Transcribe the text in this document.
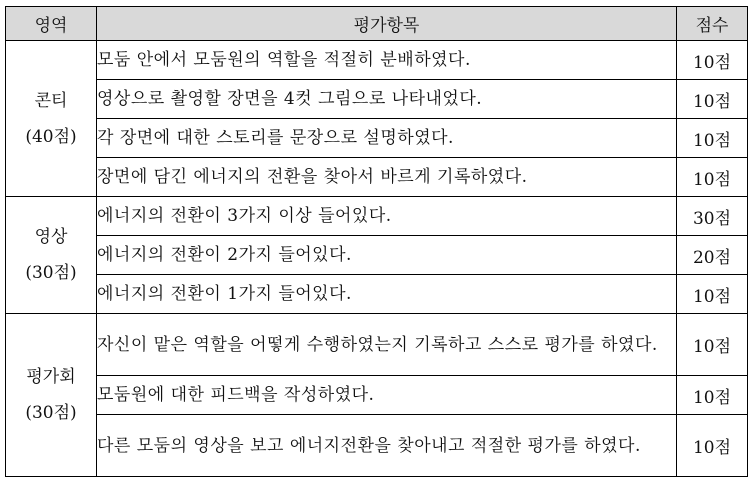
영역	평가항목	점수

콘티
(40점)	모둠 안에서 모둠원의 역할을 적절히 분배하였다.	10점
	영상으로 촬영할 장면을 4컷 그림으로 나타내었다.	10점
	각 장면에 대한 스토리를 문장으로 설명하였다.	10점
	장면에 담긴 에너지의 전환을 찾아서 바르게 기록하였다.	10점

영상
(30점)	에너지의 전환이 3가지 이상 들어있다.	30점
	에너지의 전환이 2가지 들어있다.	20점
	에너지의 전환이 1가지 들어있다.	10점

평가회
(30점)	자신이 맡은 역할을 어떻게 수행하였는지 기록하고 스스로 평가를 하였다.	10점
	모둠원에 대한 피드백을 작성하였다.	10점
	다른 모둠의 영상을 보고 에너지전환을 찾아내고 적절한 평가를 하였다.	10점
